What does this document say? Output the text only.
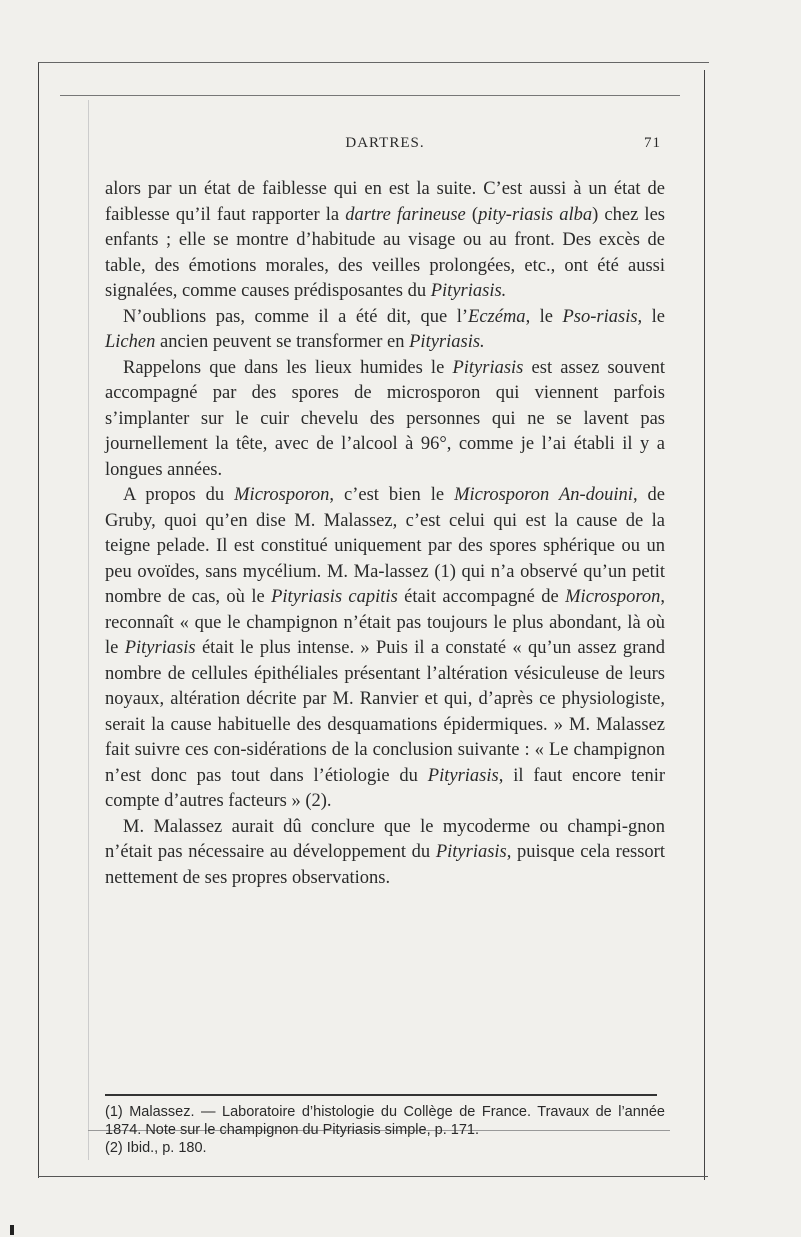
DARTRES.	71

alors par un état de faiblesse qui en est la suite. C’est aussi à un état de faiblesse qu’il faut rapporter la dartre farineuse (pity-riasis alba) chez les enfants ; elle se montre d’habitude au visage ou au front. Des excès de table, des émotions morales, des veilles prolongées, etc., ont été aussi signalées, comme causes prédisposantes du Pityriasis.

N’oublions pas, comme il a été dit, que l’Eczéma, le Pso-riasis, le Lichen ancien peuvent se transformer en Pityriasis.

Rappelons que dans les lieux humides le Pityriasis est assez souvent accompagné par des spores de microsporon qui viennent parfois s’implanter sur le cuir chevelu des personnes qui ne se lavent pas journellement la tête, avec de l’alcool à 96°, comme je l’ai établi il y a longues années.

A propos du Microsporon, c’est bien le Microsporon An-douini, de Gruby, quoi qu’en dise M. Malassez, c’est celui qui est la cause de la teigne pelade. Il est constitué uniquement par des spores sphérique ou un peu ovoïdes, sans mycélium. M. Ma-lassez (1) qui n’a observé qu’un petit nombre de cas, où le Pityriasis capitis était accompagné de Microsporon, reconnaît « que le champignon n’était pas toujours le plus abondant, là où le Pityriasis était le plus intense. » Puis il a constaté « qu’un assez grand nombre de cellules épithéliales présentant l’altération vésiculeuse de leurs noyaux, altération décrite par M. Ranvier et qui, d’après ce physiologiste, serait la cause habituelle des desquamations épidermiques. » M. Malassez fait suivre ces con-sidérations de la conclusion suivante : « Le champignon n’est donc pas tout dans l’étiologie du Pityriasis, il faut encore tenir compte d’autres facteurs » (2).

M. Malassez aurait dû conclure que le mycoderme ou champi-gnon n’était pas nécessaire au développement du Pityriasis, puisque cela ressort nettement de ses propres observations.

(1) Malassez. — Laboratoire d’histologie du Collège de France. Travaux de l’année 1874. Note sur le champignon du Pityriasis simple, p. 171.

(2) Ibid., p. 180.
